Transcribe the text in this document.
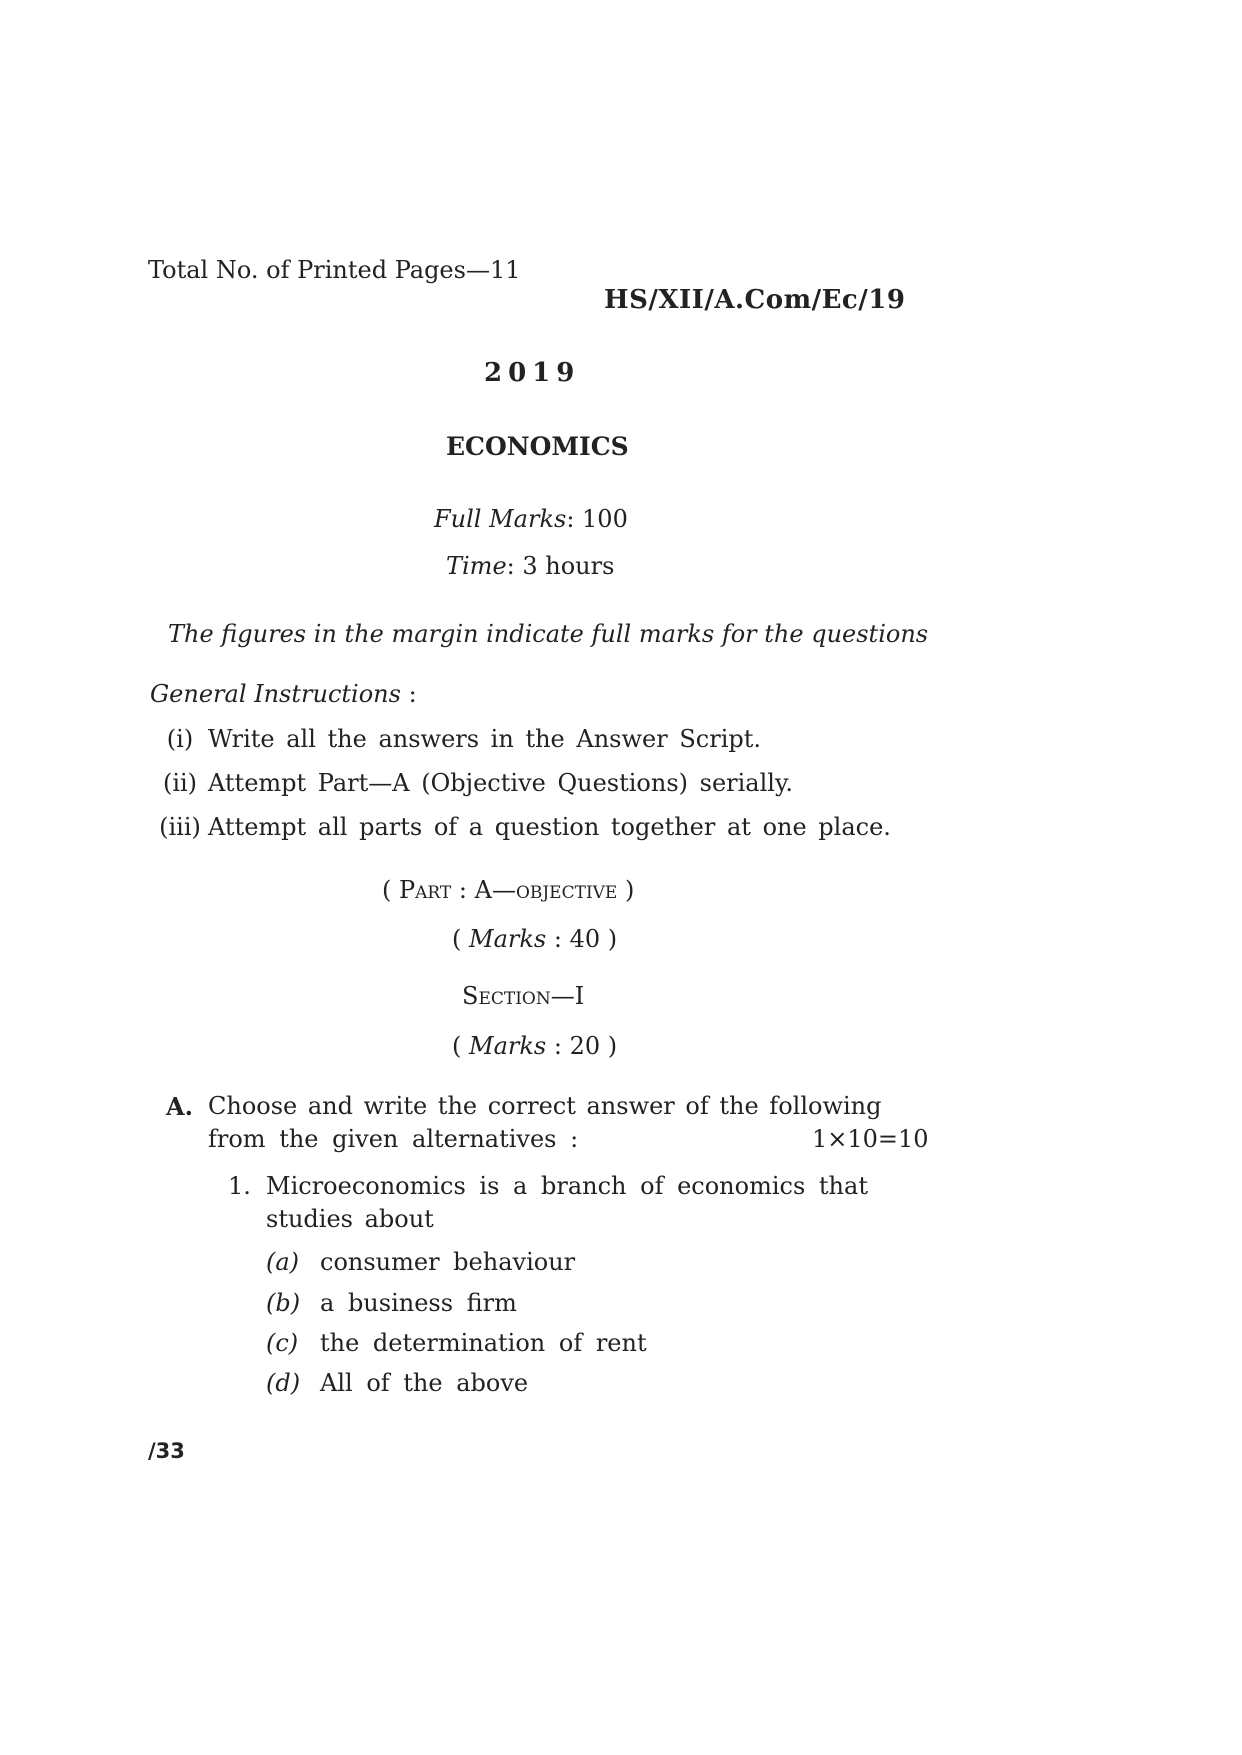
Total No. of Printed Pages—11
HS/XII/A.Com/Ec/19
2019
ECONOMICS
Full Marks: 100
Time: 3 hours
The figures in the margin indicate full marks for the questions
General Instructions :
(i) Write all the answers in the Answer Script.
(ii) Attempt Part—A (Objective Questions) serially.
(iii) Attempt all parts of a question together at one place.
( Part : A—objective )
( Marks : 40 )
Section—I
( Marks : 20 )
A. Choose and write the correct answer of the following
from the given alternatives :	1×10=10
1. Microeconomics is a branch of economics that
studies about
(a) consumer behaviour
(b) a business firm
(c) the determination of rent
(d) All of the above
/33
